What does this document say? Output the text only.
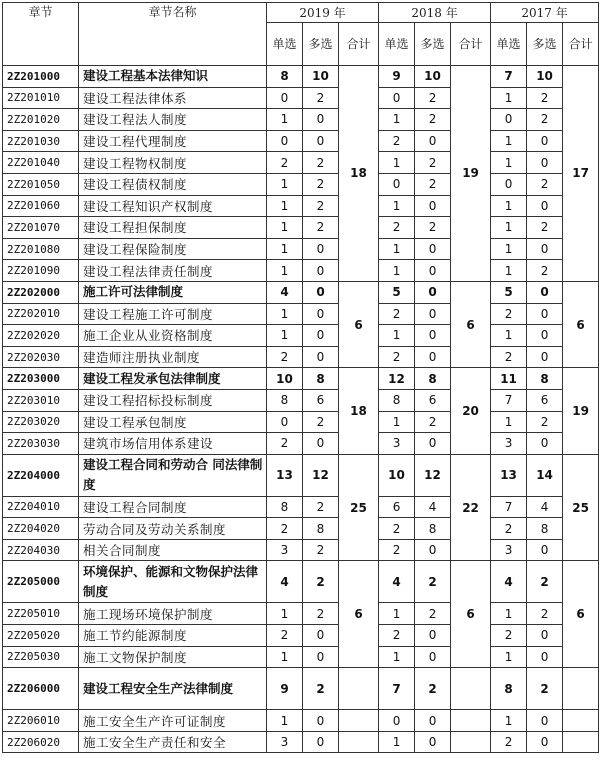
章节	章节名称	2019 年			2018 年			2017 年		
		单选	多选	合计	单选	多选	合计	单选	多选	合计
2Z201000	建设工程基本法律知识	8	10	18	9	10	19	7	10	17
2Z201010	建设工程法律体系	0	2		0	2		1	2	
2Z201020	建设工程法人制度	1	0		1	2		0	2	
2Z201030	建设工程代理制度	0	0		2	0		1	0	
2Z201040	建设工程物权制度	2	2		1	2		1	0	
2Z201050	建设工程债权制度	1	2		0	2		0	2	
2Z201060	建设工程知识产权制度	1	2		1	0		1	0	
2Z201070	建设工程担保制度	1	2		2	2		1	2	
2Z201080	建设工程保险制度	1	0		1	0		1	0	
2Z201090	建设工程法律责任制度	1	0		1	0		1	2	
2Z202000	施工许可法律制度	4	0	6	5	0	6	5	0	6
2Z202010	建设工程施工许可制度	1	0		2	0		2	0	
2Z202020	施工企业从业资格制度	1	0		1	0		1	0	
2Z202030	建造师注册执业制度	2	0		2	0		2	0	
2Z203000	建设工程发承包法律制度	10	8	18	12	8	20	11	8	19
2Z203010	建设工程招标投标制度	8	6		8	6		7	6	
2Z203020	建设工程承包制度	0	2		1	2		1	2	
2Z203030	建筑市场信用体系建设	2	0		3	0		3	0	
2Z204000	建设工程合同和劳动合 同法律制度	13	12	25	10	12	22	13	14	25
2Z204010	建设工程合同制度	8	2		6	4		7	4	
2Z204020	劳动合同及劳动关系制度	2	8		2	8		2	8	
2Z204030	相关合同制度	3	2		2	0		3	0	
2Z205000	环境保护、能源和文物保护法律制度	4	2	6	4	2	6	4	2	6
2Z205010	施工现场环境保护制度	1	2		1	2		1	2	
2Z205020	施工节约能源制度	2	0		2	0		2	0	
2Z205030	施工文物保护制度	1	0		1	0		1	0	
2Z206000	建设工程安全生产法律制度	9	2		7	2		8	2	
2Z206010	施工安全生产许可证制度	1	0		0	0		1	0	
2Z206020	施工安全生产责任和安全	3	0		1	0		2	0	
